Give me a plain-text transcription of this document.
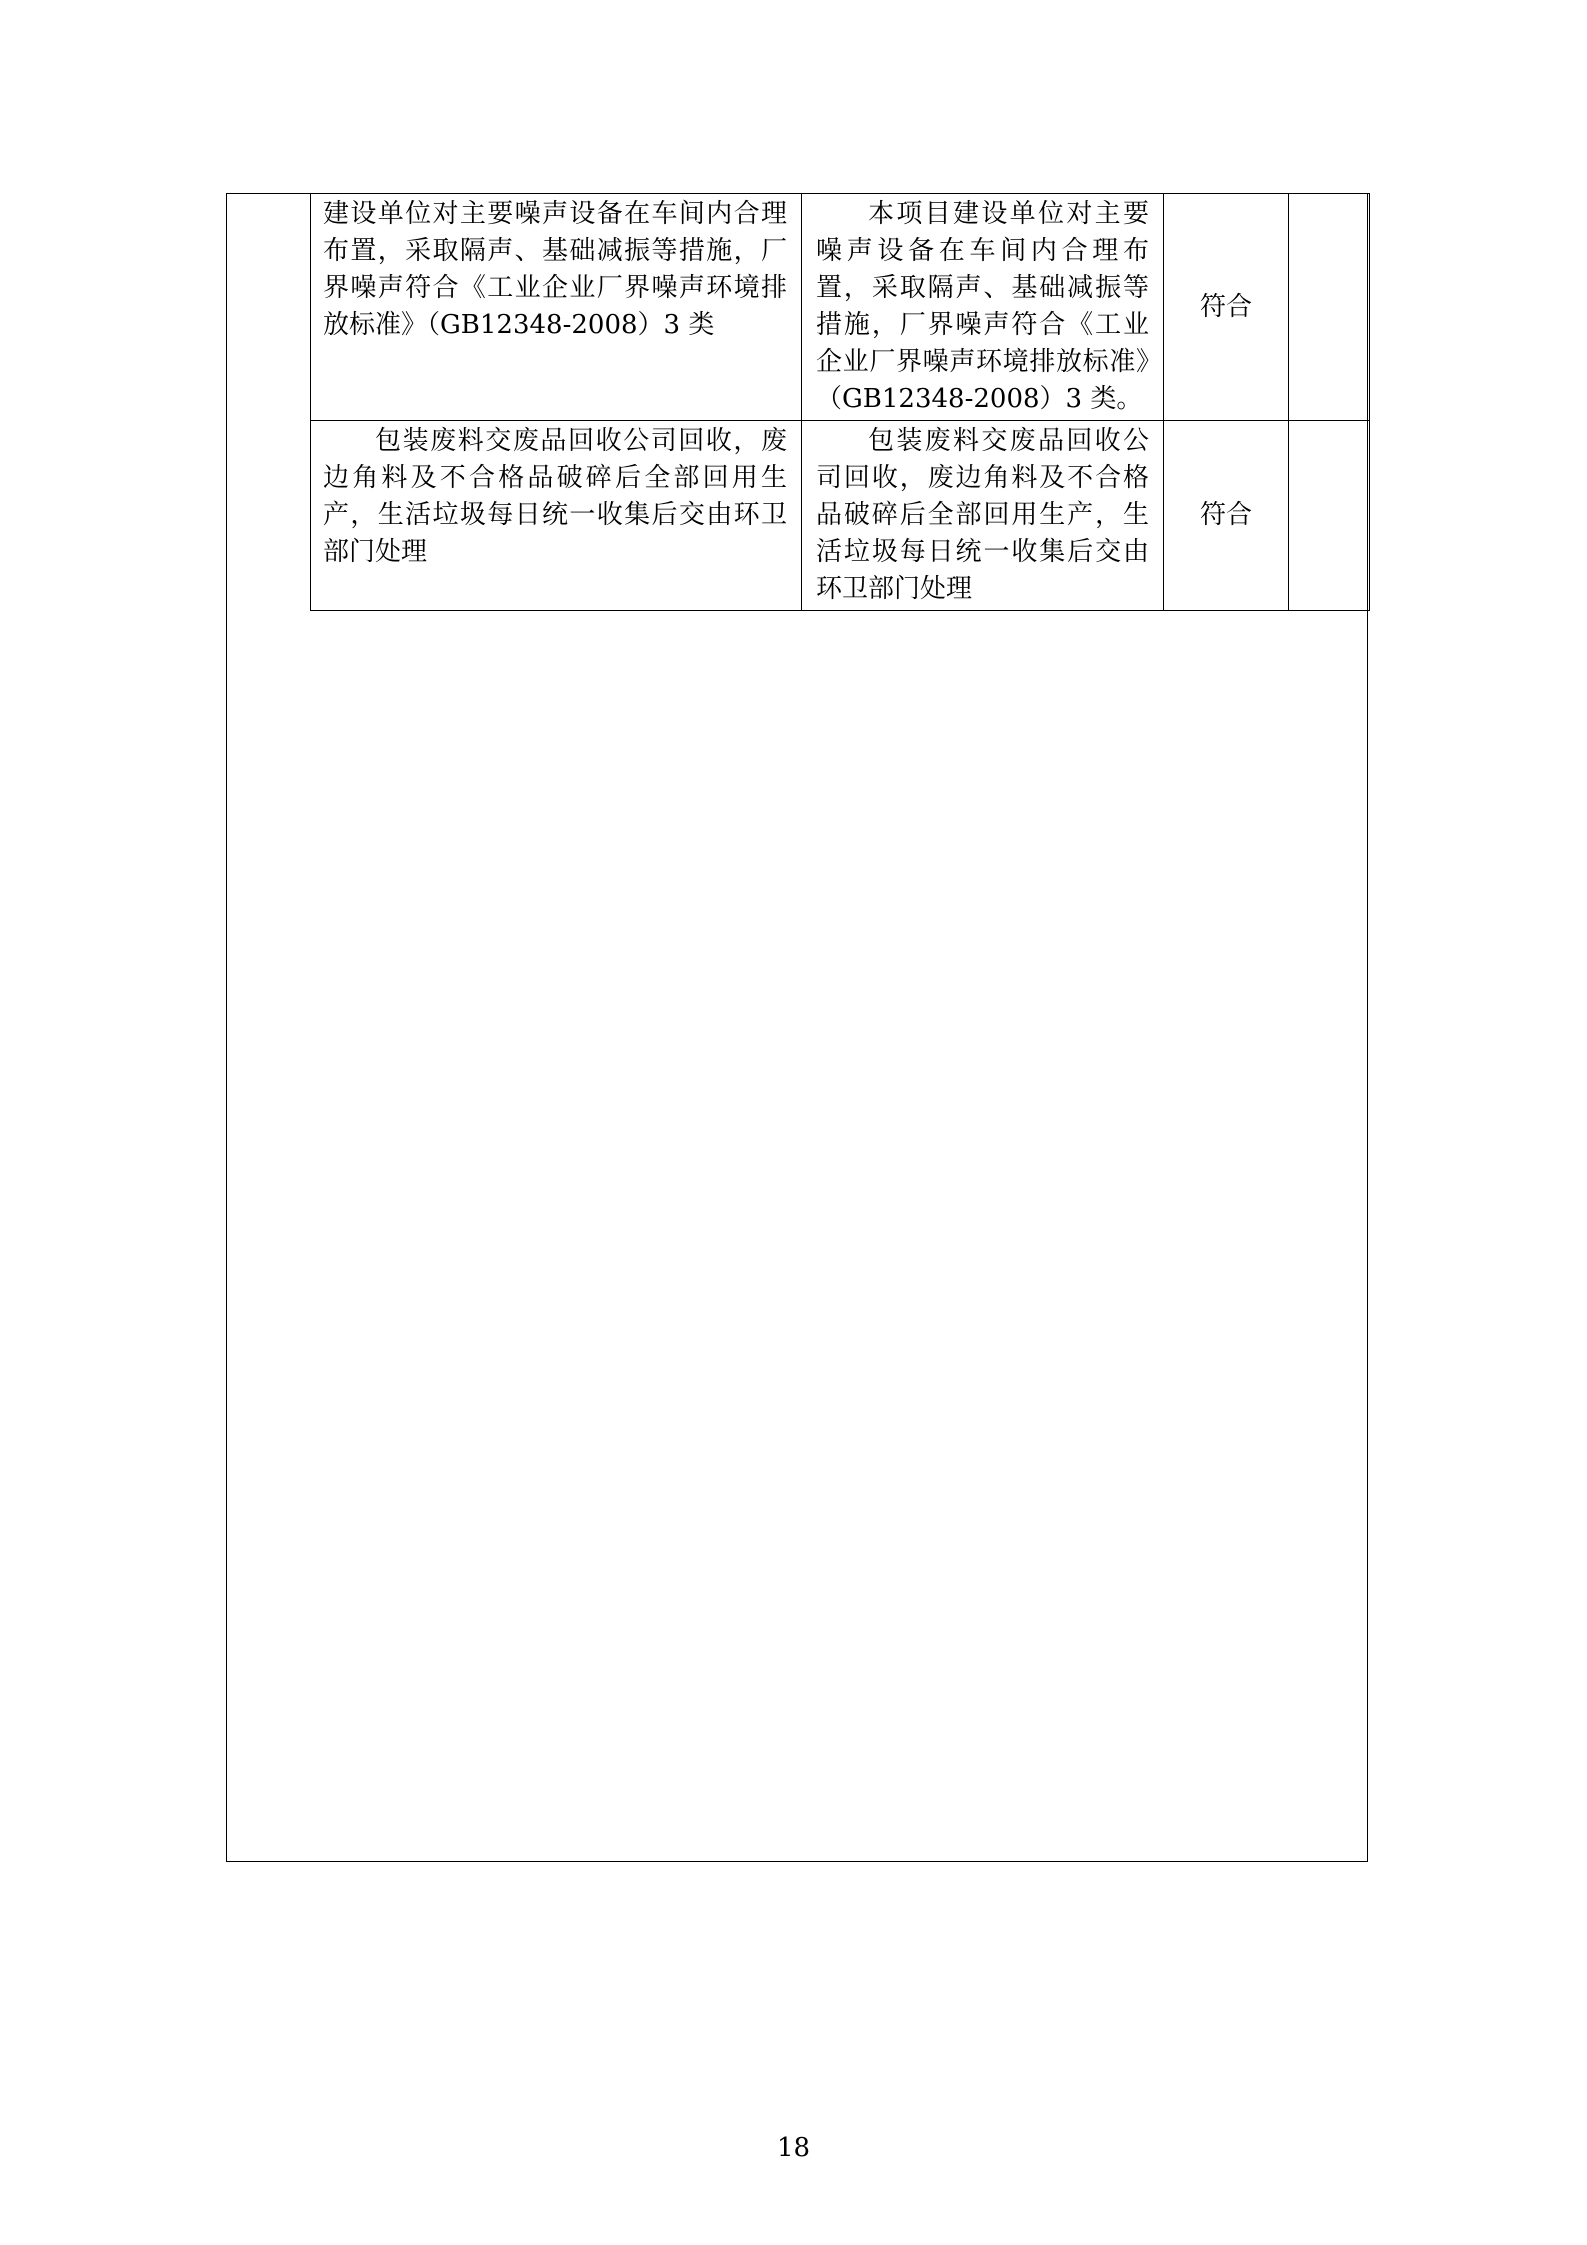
建设单位对主要噪声设备在车间内合理布置，采取隔声、基础减振等措施，厂界噪声符合《工业企业厂界噪声环境排放标准》（GB12348-2008）3 类	本项目建设单位对主要噪声设备在车间内合理布置，采取隔声、基础减振等措施，厂界噪声符合《工业企业厂界噪声环境排放标准》（GB12348-2008）3 类。	符合	
包装废料交废品回收公司回收，废边角料及不合格品破碎后全部回用生产，生活垃圾每日统一收集后交由环卫部门处理	包装废料交废品回收公司回收，废边角料及不合格品破碎后全部回用生产，生活垃圾每日统一收集后交由环卫部门处理	符合	
18
